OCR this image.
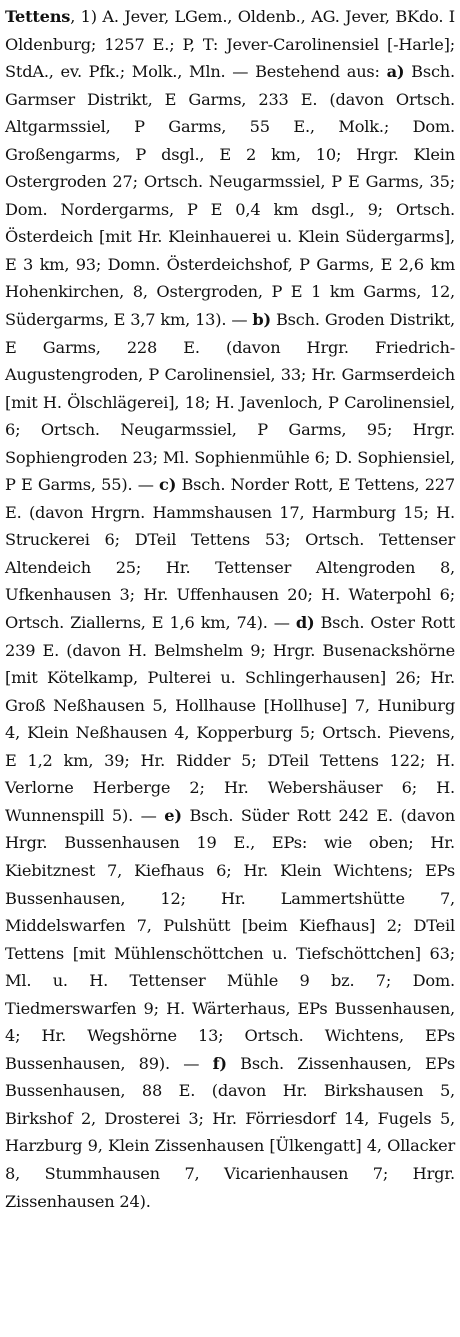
Tettens, 1) A. Jever, LGem., Oldenb., AG. Jever, BKdo. I Oldenburg; 1257 E.; P, T: Jever-Carolinensiel [-Harle]; StdA., ev. Pfk.; Molk., Mln. — Bestehend aus: a) Bsch. Garmser Distrikt, E Garms, 233 E. (davon Ortsch. Altgarmssiel, P Garms, 55 E., Molk.; Dom. Großengarms, P dsgl., E 2 km, 10; Hrgr. Klein Ostergroden 27; Ortsch. Neugarmssiel, P E Garms, 35; Dom. Nordergarms, P E 0,4 km dsgl., 9; Ortsch. Österdeich [mit Hr. Kleinhauerei u. Klein Südergarms], E 3 km, 93; Domn. Österdeichshof, P Garms, E 2,6 km Hohenkirchen, 8, Ostergroden, P E 1 km Garms, 12, Südergarms, E 3,7 km, 13). — b) Bsch. Groden Distrikt, E Garms, 228 E. (davon Hrgr. Friedrich-Augustengroden, P Carolinensiel, 33; Hr. Garmserdeich [mit H. Ölschlägerei], 18; H. Javenloch, P Carolinensiel, 6; Ortsch. Neugarmssiel, P Garms, 95; Hrgr. Sophiengroden 23; Ml. Sophienmühle 6; D. Sophiensiel, P E Garms, 55). — c) Bsch. Norder Rott, E Tettens, 227 E. (davon Hrgrn. Hammshausen 17, Harmburg 15; H. Struckerei 6; DTeil Tettens 53; Ortsch. Tettenser Altendeich 25; Hr. Tettenser Altengroden 8, Ufkenhausen 3; Hr. Uffenhausen 20; H. Waterpohl 6; Ortsch. Ziallerns, E 1,6 km, 74). — d) Bsch. Oster Rott 239 E. (davon H. Belmshelm 9; Hrgr. Busenackshörne [mit Kötelkamp, Pulterei u. Schlingerhausen] 26; Hr. Groß Neßhausen 5, Hollhause [Hollhuse] 7, Huniburg 4, Klein Neßhausen 4, Kopperburg 5; Ortsch. Pievens, E 1,2 km, 39; Hr. Ridder 5; DTeil Tettens 122; H. Verlorne Herberge 2; Hr. Webershäuser 6; H. Wunnenspill 5). — e) Bsch. Süder Rott 242 E. (davon Hrgr. Bussenhausen 19 E., EPs: wie oben; Hr. Kiebitznest 7, Kiefhaus 6; Hr. Klein Wichtens; EPs Bussenhausen, 12; Hr. Lammertshütte 7, Middelswarfen 7, Pulshütt [beim Kiefhaus] 2; DTeil Tettens [mit Mühlenschöttchen u. Tiefschöttchen] 63; Ml. u. H. Tettenser Mühle 9 bz. 7; Dom. Tiedmerswarfen 9; H. Wärterhaus, EPs Bussenhausen, 4; Hr. Wegshörne 13; Ortsch. Wichtens, EPs Bussenhausen, 89). — f) Bsch. Zissenhausen, EPs Bussenhausen, 88 E. (davon Hr. Birkshausen 5, Birkshof 2, Drosterei 3; Hr. Förriesdorf 14, Fugels 5, Harzburg 9, Klein Zissenhausen [Ülkengatt] 4, Ollacker 8, Stummhausen 7, Vicarienhausen 7; Hrgr. Zissenhausen 24).
